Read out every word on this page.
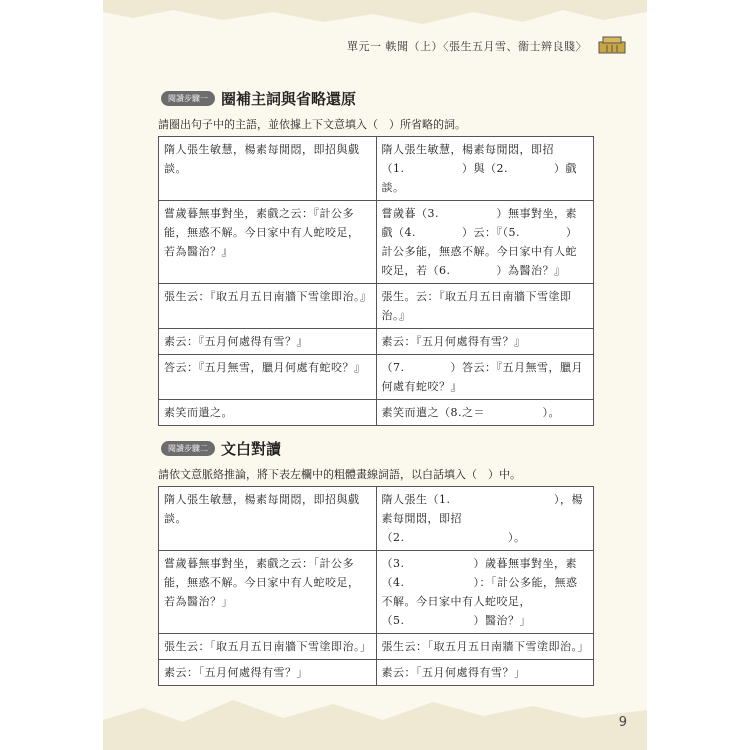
單元一 軼聞（上）〈張生五月雪、衞士辨良賤〉
閱讀步驟一 圈補主詞與省略還原
請圈出句子中的主語，並依據上下文意填入（　）所省略的詞。
隋人張生敏慧，楊素每閒悶，即招與戲談。	隋人張生敏慧，楊素每閒悶，即招（1.　　　　　）與（2.　　　　）戲談。
嘗歲暮無事對坐，素戲之云：『計公多能，無惑不解。今日家中有人蛇咬足，若為醫治？』	嘗歲暮（3.　　　　　）無事對坐，素戲（4.　　　　）云：『（5.　　　　）計公多能，無惑不解。今日家中有人蛇咬足，若（6.　　　　）為醫治？』
張生云：『取五月五日南牆下雪塗即治。』	張生。云：『取五月五日南牆下雪塗即治。』
素云：『五月何處得有雪？』	素云：『五月何處得有雪？』
答云：『五月無雪，臘月何處有蛇咬？』	（7.　　　　）答云：『五月無雪，臘月何處有蛇咬？』
素笑而遣之。	素笑而遣之（8.之＝　　　　　）。
閱讀步驟二 文白對讀
請依文意脈絡推論，將下表左欄中的粗體畫線詞語，以白話填入（　）中。
隋人張生敏慧，楊素每閒悶，即招與戲談。	隋人張生（1.　　　　　　　　　），楊素每閒悶，即招（2.　　　　　　　　　）。
嘗歲暮無事對坐，素戲之云：「計公多能，無惑不解。今日家中有人蛇咬足，若為醫治？」	（3.　　　　　　）歲暮無事對坐，素（4.　　　　　　）：「計公多能，無惑不解。今日家中有人蛇咬足，（5.　　　　　　）醫治？」
張生云：「取五月五日南牆下雪塗即治。」	張生云：「取五月五日南牆下雪塗即治。」
素云：「五月何處得有雪？」	素云：「五月何處得有雪？」
9
